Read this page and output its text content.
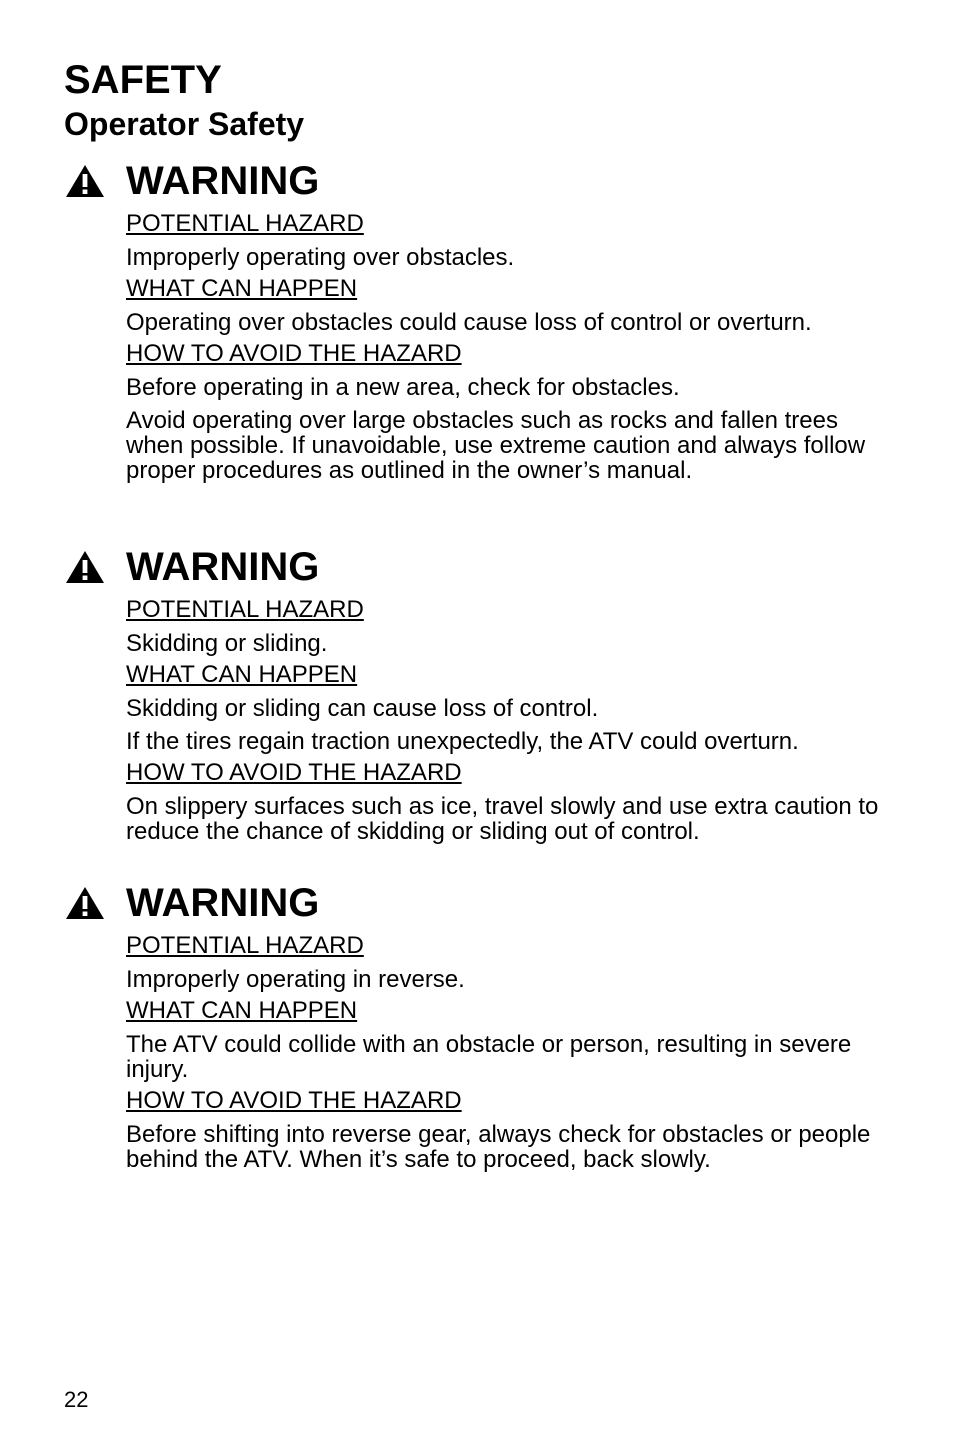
SAFETY
Operator Safety
WARNING

POTENTIAL HAZARD

Improperly operating over obstacles.

WHAT CAN HAPPEN

Operating over obstacles could cause loss of control or overturn.

HOW TO AVOID THE HAZARD

Before operating in a new area, check for obstacles.

Avoid operating over large obstacles such as rocks and fallen trees when possible. If unavoidable, use extreme caution and always follow proper procedures as outlined in the owner’s manual.

WARNING

POTENTIAL HAZARD

Skidding or sliding.

WHAT CAN HAPPEN

Skidding or sliding can cause loss of control.

If the tires regain traction unexpectedly, the ATV could overturn.

HOW TO AVOID THE HAZARD

On slippery surfaces such as ice, travel slowly and use extra caution to reduce the chance of skidding or sliding out of control.

WARNING

POTENTIAL HAZARD

Improperly operating in reverse.

WHAT CAN HAPPEN

The ATV could collide with an obstacle or person, resulting in severe injury.

HOW TO AVOID THE HAZARD

Before shifting into reverse gear, always check for obstacles or people behind the ATV. When it’s safe to proceed, back slowly.

22
